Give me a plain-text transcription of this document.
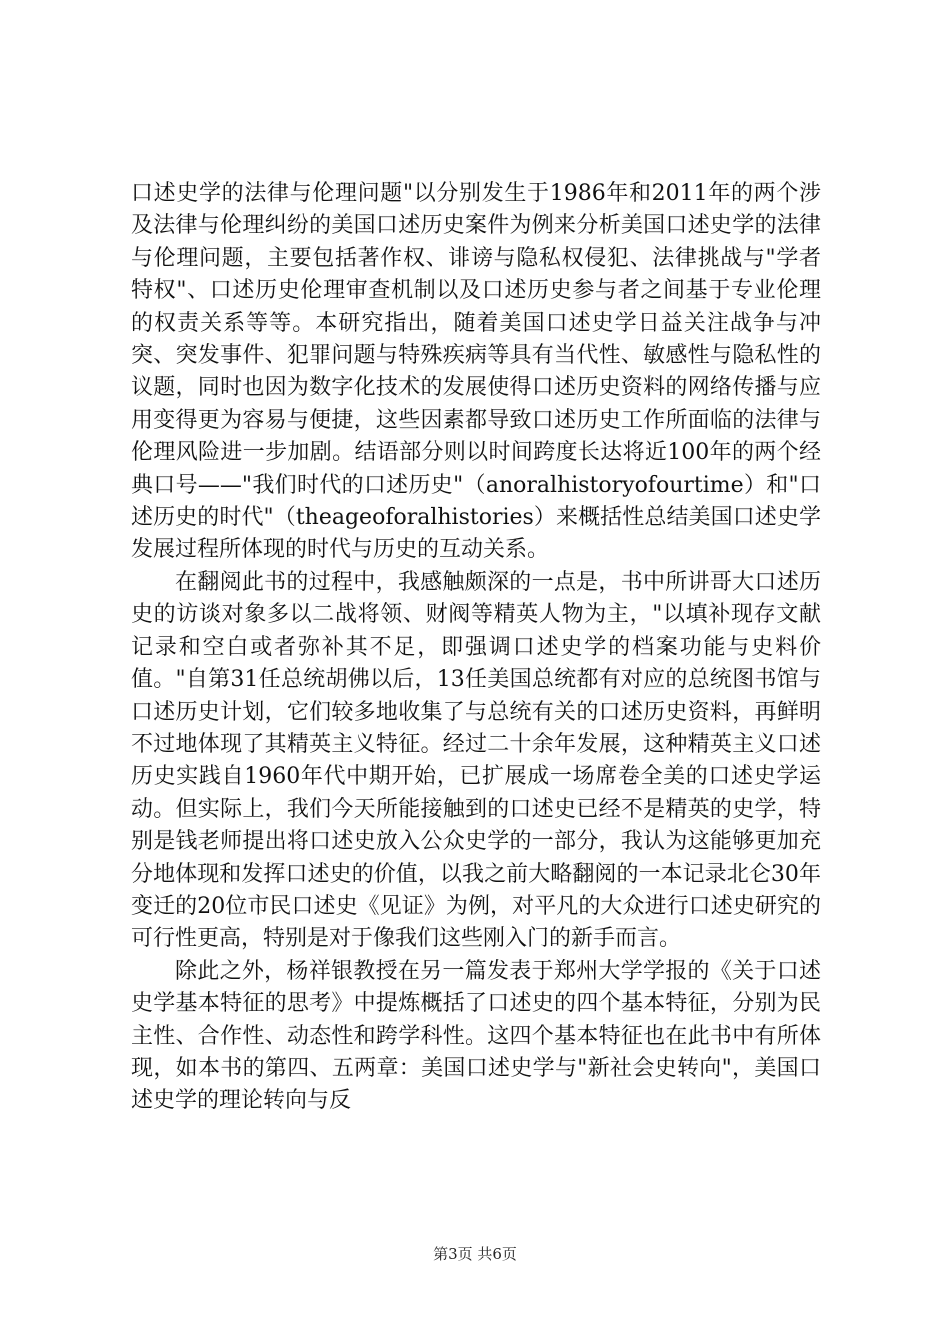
口述史学的法律与伦理问题"以分别发生于1986年和2011年的两个涉及法律与伦理纠纷的美国口述历史案件为例来分析美国口述史学的法律与伦理问题，主要包括著作权、诽谤与隐私权侵犯、法律挑战与"学者特权"、口述历史伦理审查机制以及口述历史参与者之间基于专业伦理的权责关系等等。本研究指出，随着美国口述史学日益关注战争与冲突、突发事件、犯罪问题与特殊疾病等具有当代性、敏感性与隐私性的议题，同时也因为数字化技术的发展使得口述历史资料的网络传播与应用变得更为容易与便捷，这些因素都导致口述历史工作所面临的法律与伦理风险进一步加剧。结语部分则以时间跨度长达将近100年的两个经典口号——"我们时代的口述历史"（anoralhistoryofourtime）和"口述历史的时代"（theageoforalhistories）来概括性总结美国口述史学发展过程所体现的时代与历史的互动关系。

在翻阅此书的过程中，我感触颇深的一点是，书中所讲哥大口述历史的访谈对象多以二战将领、财阀等精英人物为主，"以填补现存文献记录和空白或者弥补其不足，即强调口述史学的档案功能与史料价值。"自第31任总统胡佛以后，13任美国总统都有对应的总统图书馆与口述历史计划，它们较多地收集了与总统有关的口述历史资料，再鲜明不过地体现了其精英主义特征。经过二十余年发展，这种精英主义口述历史实践自1960年代中期开始，已扩展成一场席卷全美的口述史学运动。但实际上，我们今天所能接触到的口述史已经不是精英的史学，特别是钱老师提出将口述史放入公众史学的一部分，我认为这能够更加充分地体现和发挥口述史的价值，以我之前大略翻阅的一本记录北仑30年变迁的20位市民口述史《见证》为例，对平凡的大众进行口述史研究的可行性更高，特别是对于像我们这些刚入门的新手而言。

除此之外，杨祥银教授在另一篇发表于郑州大学学报的《关于口述史学基本特征的思考》中提炼概括了口述史的四个基本特征，分别为民主性、合作性、动态性和跨学科性。这四个基本特征也在此书中有所体现，如本书的第四、五两章：美国口述史学与"新社会史转向"，美国口述史学的理论转向与反

第3页 共6页
